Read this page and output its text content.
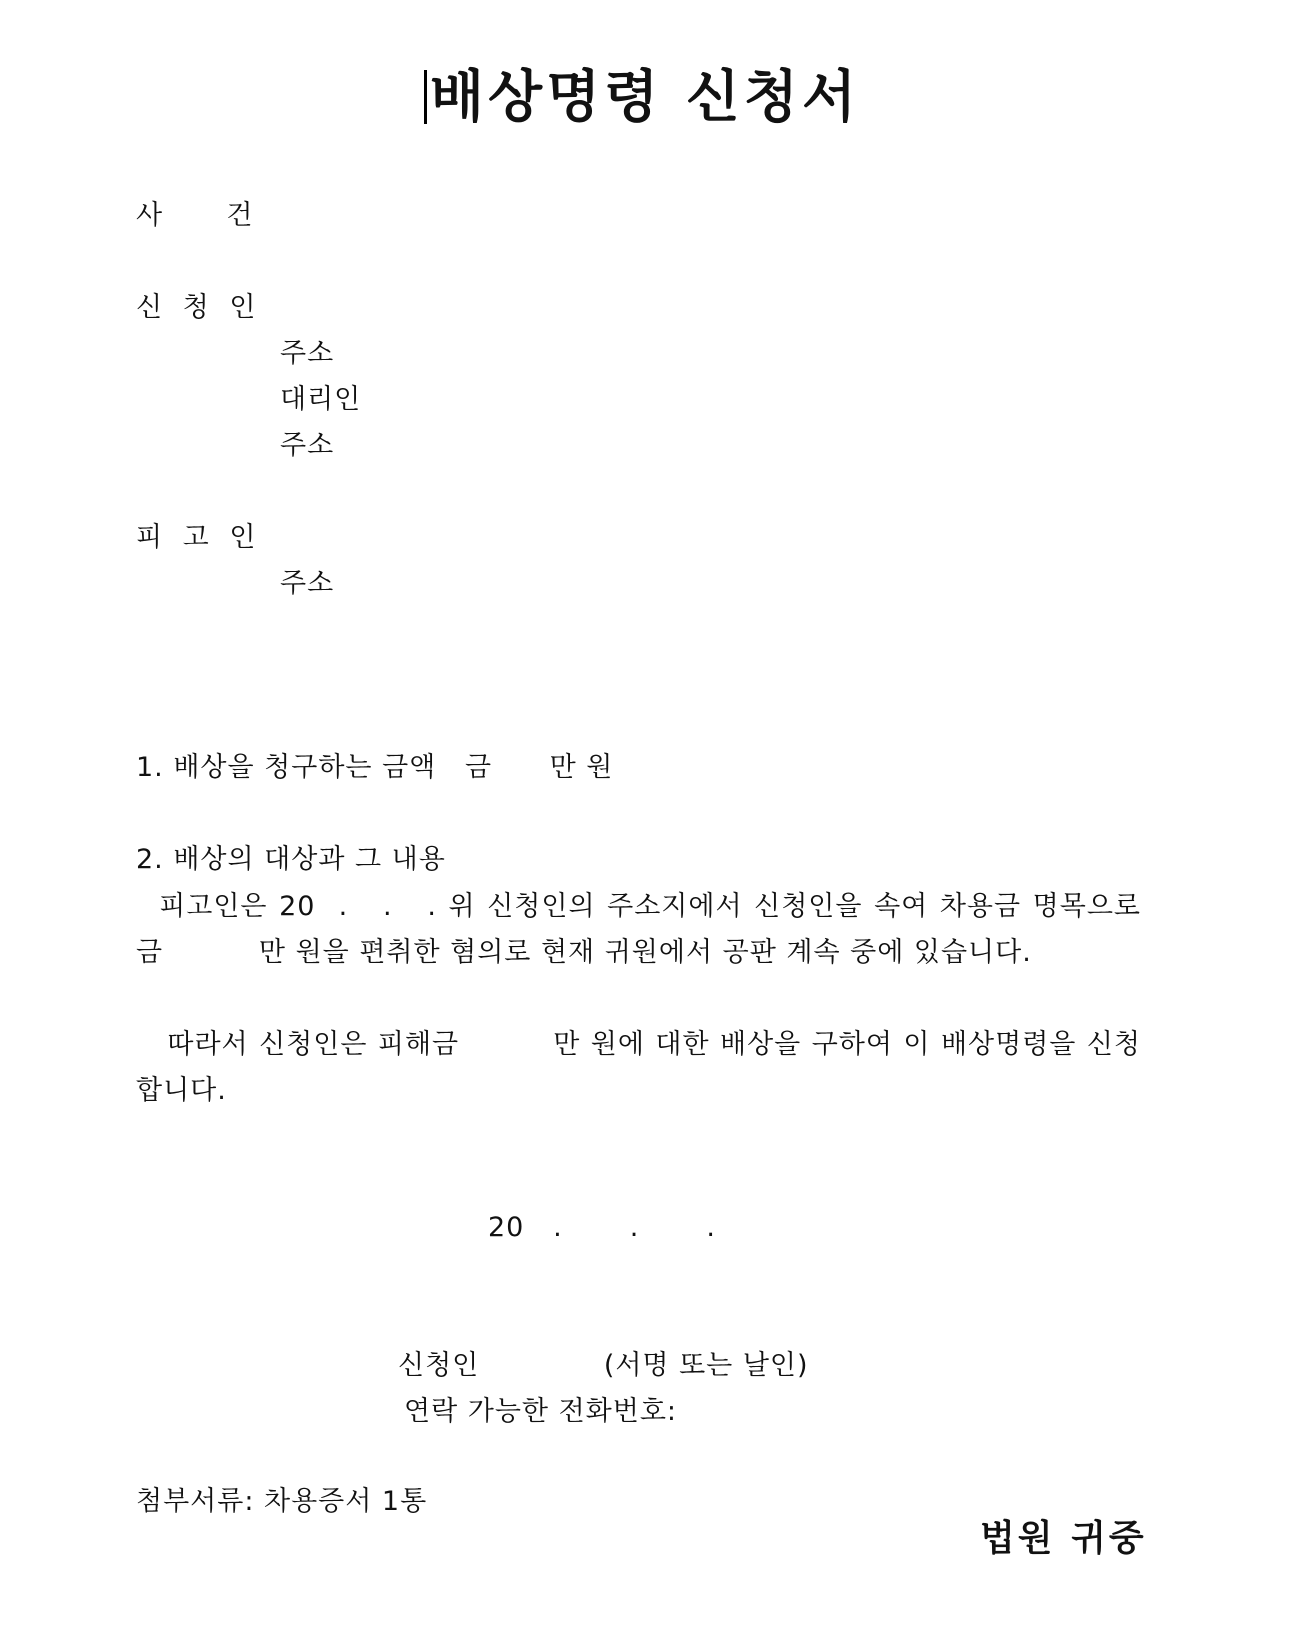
배상명령 신청서
사    건
신 청 인
주소
대리인
주소
피 고 인
주소
1. 배상을 청구하는 금액   금      만 원
2. 배상의 대상과 그 내용
피고인은 20  .   .   . 위 신청인의 주소지에서 신청인을 속여 차용금 명목으로 금          만 원을 편취한 혐의로 현재 귀원에서 공판 계속 중에 있습니다.
따라서 신청인은 피해금         만 원에 대한 배상을 구하여 이 배상명령을 신청합니다.
20   .       .       .
신청인             (서명 또는 날인)
연락 가능한 전화번호:
첨부서류: 차용증서 1통
법원 귀중
